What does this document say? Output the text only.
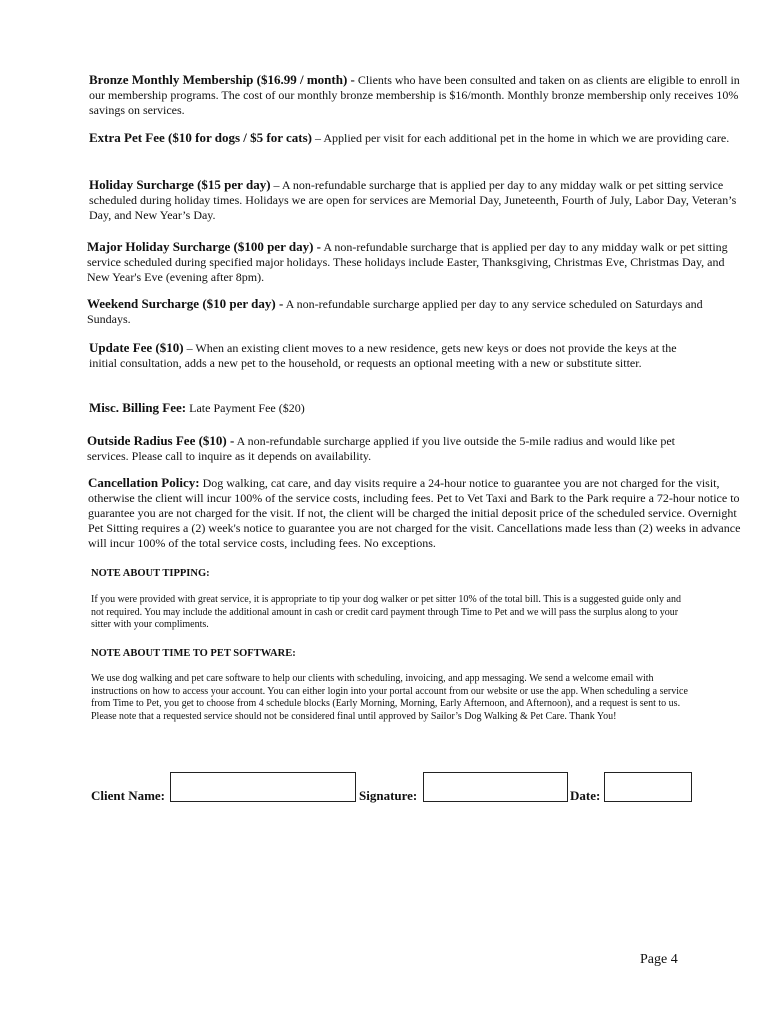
Bronze Monthly Membership ($16.99 / month) - Clients who have been consulted and taken on as clients are eligible to enroll in our membership programs. The cost of our monthly bronze membership is $16/month. Monthly bronze membership only receives 10% savings on services.
Extra Pet Fee ($10 for dogs / $5 for cats) – Applied per visit for each additional pet in the home in which we are providing care.
Holiday Surcharge ($15 per day) – A non-refundable surcharge that is applied per day to any midday walk or pet sitting service scheduled during holiday times. Holidays we are open for services are Memorial Day, Juneteenth, Fourth of July, Labor Day, Veteran’s Day, and New Year’s Day.
Major Holiday Surcharge ($100 per day) - A non-refundable surcharge that is applied per day to any midday walk or pet sitting service scheduled during specified major holidays. These holidays include Easter, Thanksgiving, Christmas Eve, Christmas Day, and New Year's Eve (evening after 8pm).
Weekend Surcharge ($10 per day) - A non-refundable surcharge applied per day to any service scheduled on Saturdays and Sundays.
Update Fee ($10) – When an existing client moves to a new residence, gets new keys or does not provide the keys at the initial consultation, adds a new pet to the household, or requests an optional meeting with a new or substitute sitter.
Misc. Billing Fee: Late Payment Fee ($20)
Outside Radius Fee ($10) - A non-refundable surcharge applied if you live outside the 5-mile radius and would like pet services. Please call to inquire as it depends on availability.
Cancellation Policy: Dog walking, cat care, and day visits require a 24-hour notice to guarantee you are not charged for the visit, otherwise the client will incur 100% of the service costs, including fees. Pet to Vet Taxi and Bark to the Park require a 72-hour notice to guarantee you are not charged for the visit. If not, the client will be charged the initial deposit price of the scheduled service. Overnight Pet Sitting requires a (2) week's notice to guarantee you are not charged for the visit. Cancellations made less than (2) weeks in advance will incur 100% of the total service costs, including fees. No exceptions.
NOTE ABOUT TIPPING:
If you were provided with great service, it is appropriate to tip your dog walker or pet sitter 10% of the total bill. This is a suggested guide only and not required. You may include the additional amount in cash or credit card payment through Time to Pet and we will pass the surplus along to your sitter with your compliments.
NOTE ABOUT TIME TO PET SOFTWARE:
We use dog walking and pet care software to help our clients with scheduling, invoicing, and app messaging. We send a welcome email with instructions on how to access your account. You can either login into your portal account from our website or use the app. When scheduling a service from Time to Pet, you get to choose from 4 schedule blocks (Early Morning, Morning, Early Afternoon, and Afternoon), and a request is sent to us. Please note that a requested service should not be considered final until approved by Sailor’s Dog Walking & Pet Care. Thank You!
Client Name:	Signature:	Date:
Page 4
